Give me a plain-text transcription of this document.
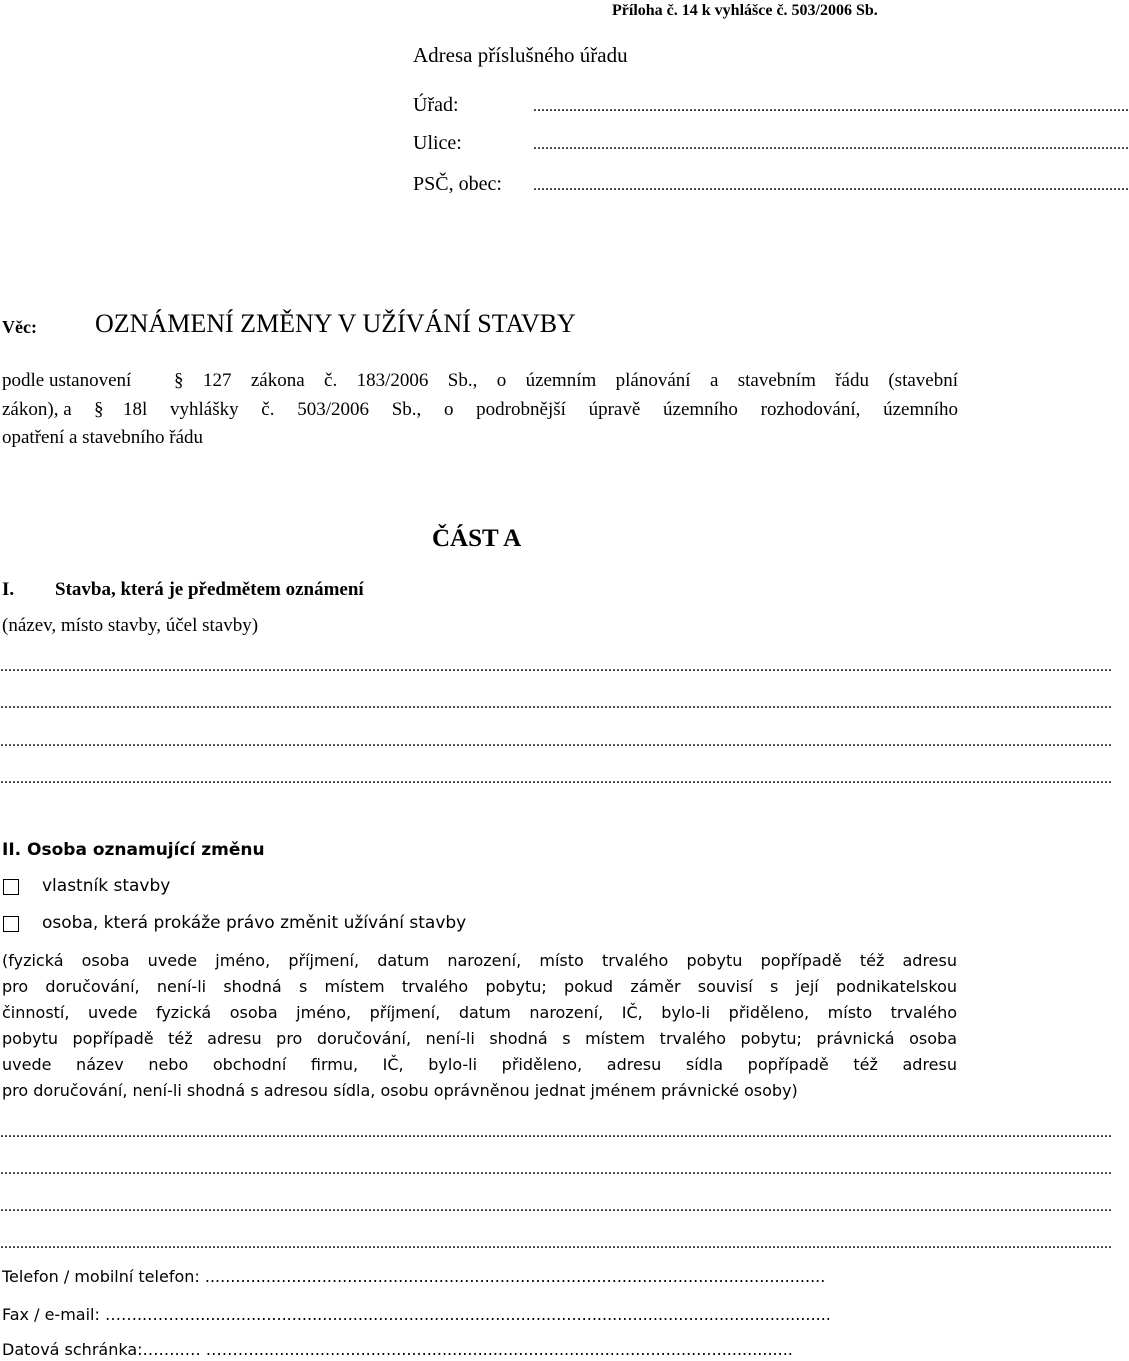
Příloha č. 14 k vyhlášce č. 503/2006 Sb.
Adresa příslušného úřadu
Úřad:	.....................................................................................................................................................
Ulice:	.....................................................................................................................................................
PSČ, obec: .....................................................................................................................................................
Věc: OZNÁMENÍ ZMĚNY V UŽÍVÁNÍ STAVBY
podle ustanovení § 127 zákona č. 183/2006 Sb., o územním plánování a stavebním řádu (stavební
zákon), a § 18l vyhlášky č. 503/2006 Sb., o podrobnější úpravě územního rozhodování, územního
opatření a stavebního řádu
ČÁST A
I. Stavba, která je předmětem oznámení
(název, místo stavby, účel stavby)
......................................................................................................................................................................................................................................................................................
......................................................................................................................................................................................................................................................................................
......................................................................................................................................................................................................................................................................................
......................................................................................................................................................................................................................................................................................
II. Osoba oznamující změnu
vlastník stavby
osoba, která prokáže právo změnit užívání stavby
(fyzická osoba uvede jméno, příjmení, datum narození, místo trvalého pobytu popřípadě též adresu
pro doručování, není-li shodná s místem trvalého pobytu; pokud záměr souvisí s její podnikatelskou
činností, uvede fyzická osoba jméno, příjmení, datum narození, IČ, bylo-li přiděleno, místo trvalého
pobytu popřípadě též adresu pro doručování, není-li shodná s místem trvalého pobytu; právnická osoba
uvede název nebo obchodní firmu, IČ, bylo-li přiděleno, adresu sídla popřípadě též adresu
pro doručování, není-li shodná s adresou sídla, osobu oprávněnou jednat jménem právnické osoby)
......................................................................................................................................................................................................................................................................................
......................................................................................................................................................................................................................................................................................
......................................................................................................................................................................................................................................................................................
......................................................................................................................................................................................................................................................................................
Telefon / mobilní telefon: ..........................................................................................................................
Fax / e-mail: ……..……….............................................................................................................................
Datová schránka:……..… ………..........................................................................................................
